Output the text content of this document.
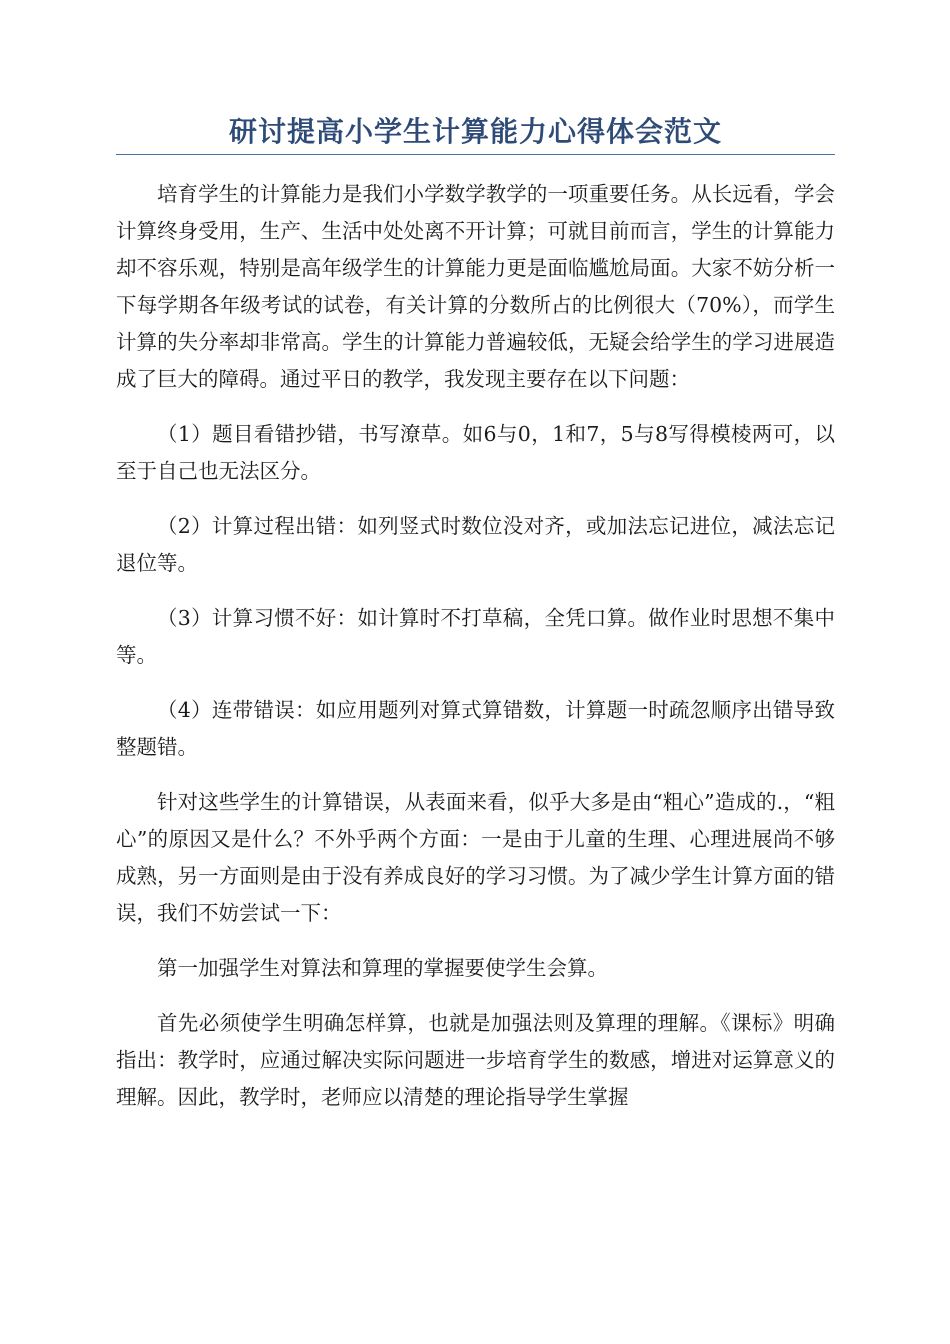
研讨提高小学生计算能力心得体会范文

培育学生的计算能力是我们小学数学教学的一项重要任务。从长远看，学会计算终身受用，生产、生活中处处离不开计算；可就目前而言，学生的计算能力却不容乐观，特别是高年级学生的计算能力更是面临尴尬局面。大家不妨分析一下每学期各年级考试的试卷，有关计算的分数所占的比例很大（70%），而学生计算的失分率却非常高。学生的计算能力普遍较低，无疑会给学生的学习进展造成了巨大的障碍。通过平日的教学，我发现主要存在以下问题：

（1）题目看错抄错，书写潦草。如6与0，1和7，5与8写得模棱两可，以至于自己也无法区分。

（2）计算过程出错：如列竖式时数位没对齐，或加法忘记进位，减法忘记退位等。

（3）计算习惯不好：如计算时不打草稿，全凭口算。做作业时思想不集中等。

（4）连带错误：如应用题列对算式算错数，计算题一时疏忽顺序出错导致整题错。

针对这些学生的计算错误，从表面来看，似乎大多是由“粗心”造成的.，“粗心”的原因又是什么？不外乎两个方面：一是由于儿童的生理、心理进展尚不够成熟，另一方面则是由于没有养成良好的学习习惯。为了减少学生计算方面的错误，我们不妨尝试一下：

第一加强学生对算法和算理的掌握要使学生会算。

首先必须使学生明确怎样算，也就是加强法则及算理的理解。《课标》明确指出：教学时，应通过解决实际问题进一步培育学生的数感，增进对运算意义的理解。因此，教学时，老师应以清楚的理论指导学生掌握
